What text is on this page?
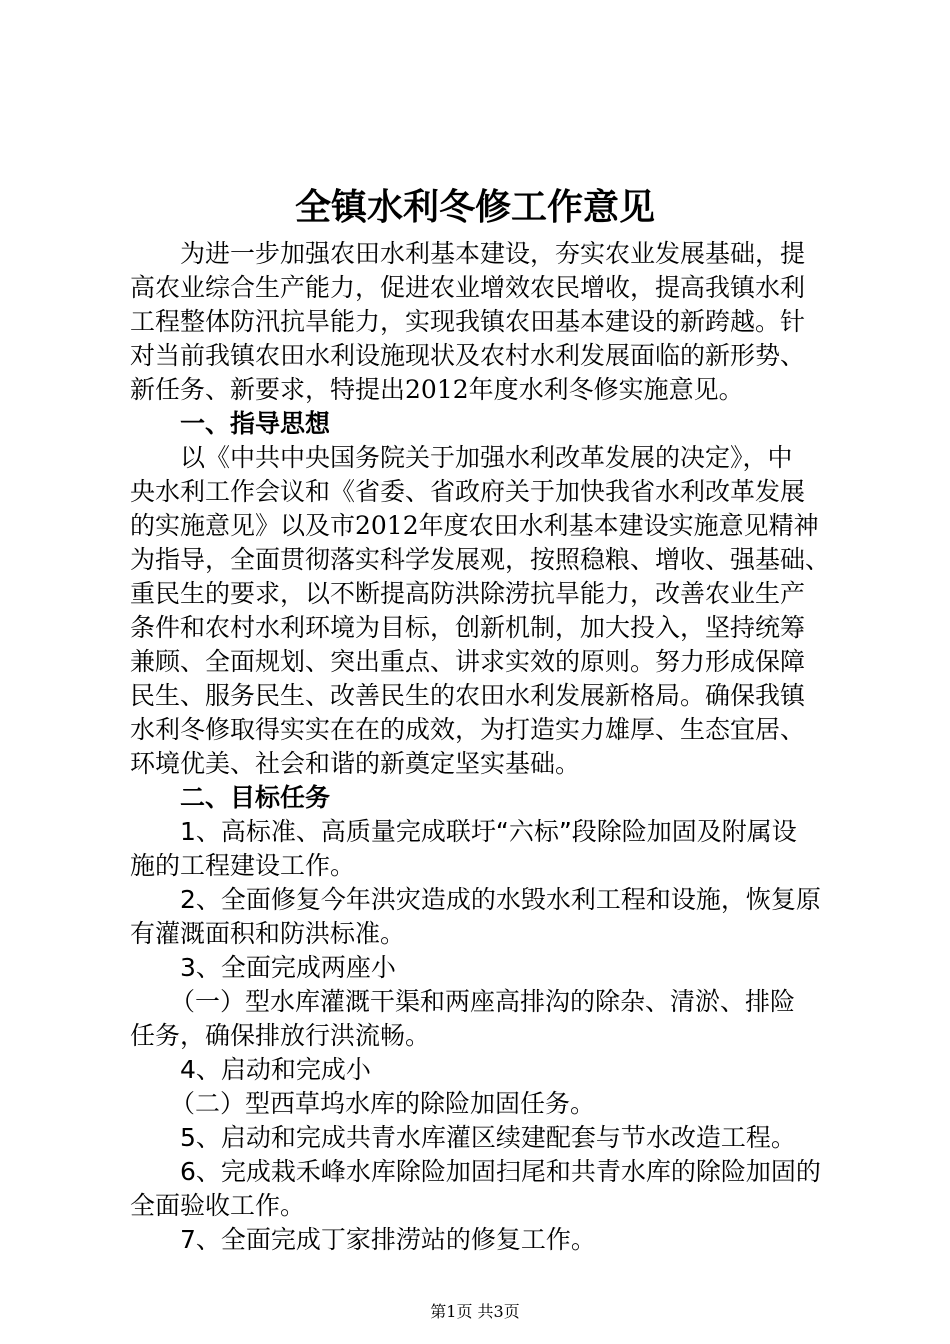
全镇水利冬修工作意见

为进一步加强农田水利基本建设，夯实农业发展基础，提

高农业综合生产能力，促进农业增效农民增收，提高我镇水利

工程整体防汛抗旱能力，实现我镇农田基本建设的新跨越。针

对当前我镇农田水利设施现状及农村水利发展面临的新形势、

新任务、新要求，特提出2012年度水利冬修实施意见。

一、指导思想

以《中共中央国务院关于加强水利改革发展的决定》，中

央水利工作会议和《省委、省政府关于加快我省水利改革发展

的实施意见》以及市2012年度农田水利基本建设实施意见精神

为指导，全面贯彻落实科学发展观，按照稳粮、增收、强基础、

重民生的要求，以不断提高防洪除涝抗旱能力，改善农业生产

条件和农村水利环境为目标，创新机制，加大投入，坚持统筹

兼顾、全面规划、突出重点、讲求实效的原则。努力形成保障

民生、服务民生、改善民生的农田水利发展新格局。确保我镇

水利冬修取得实实在在的成效，为打造实力雄厚、生态宜居、

环境优美、社会和谐的新奠定坚实基础。

二、目标任务

1、高标准、高质量完成联圩“六标”段除险加固及附属设

施的工程建设工作。

2、全面修复今年洪灾造成的水毁水利工程和设施，恢复原

有灌溉面积和防洪标准。

3、全面完成两座小

（一）型水库灌溉干渠和两座高排沟的除杂、清淤、排险

任务，确保排放行洪流畅。

4、启动和完成小

（二）型西草坞水库的除险加固任务。

5、启动和完成共青水库灌区续建配套与节水改造工程。

6、完成栽禾峰水库除险加固扫尾和共青水库的除险加固的

全面验收工作。

7、全面完成丁家排涝站的修复工作。

第1页 共3页
